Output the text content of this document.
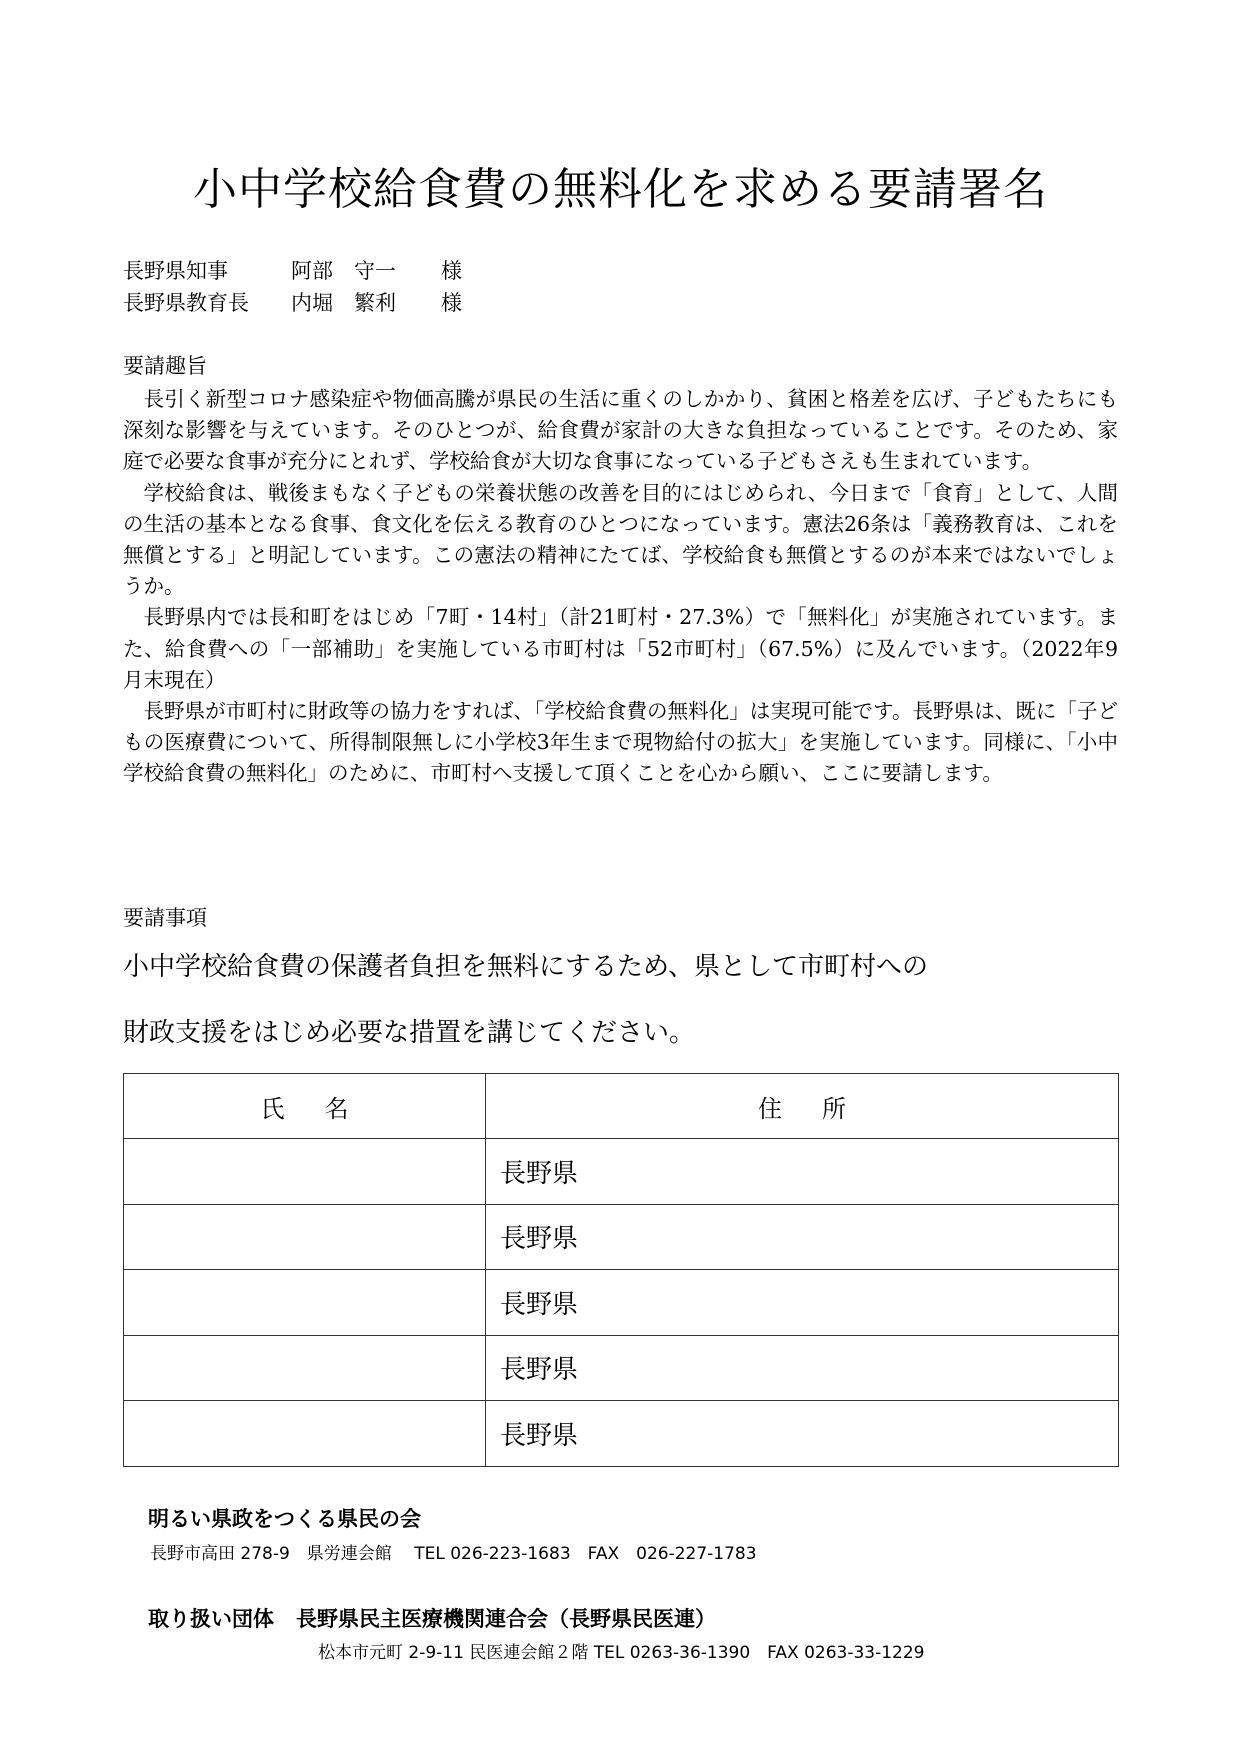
小中学校給食費の無料化を求める要請署名
長野県知事	阿部　守一	様
長野県教育長	内堀　繁利	様
要請趣旨

長引く新型コロナ感染症や物価高騰が県民の生活に重くのしかかり、貧困と格差を広げ、子どもたちにも深刻な影響を与えています。そのひとつが、給食費が家計の大きな負担なっていることです。そのため、家庭で必要な食事が充分にとれず、学校給食が大切な食事になっている子どもさえも生まれています。

学校給食は、戦後まもなく子どもの栄養状態の改善を目的にはじめられ、今日まで「食育」として、人間の生活の基本となる食事、食文化を伝える教育のひとつになっています。憲法26条は「義務教育は、これを無償とする」と明記しています。この憲法の精神にたてば、学校給食も無償とするのが本来ではないでしょうか。

長野県内では長和町をはじめ「7町・14村」（計21町村・27.3%）で「無料化」が実施されています。また、給食費への「一部補助」を実施している市町村は「52市町村」（67.5%）に及んでいます。（2022年9月末現在）

長野県が市町村に財政等の協力をすれば、「学校給食費の無料化」は実現可能です。長野県は、既に「子どもの医療費について、所得制限無しに小学校3年生まで現物給付の拡大」を実施しています。同様に、「小中学校給食費の無料化」のために、市町村へ支援して頂くことを心から願い、ここに要請します。

要請事項
小中学校給食費の保護者負担を無料にするため、県として市町村への
財政支援をはじめ必要な措置を講じてください。
氏名	住所
	長野県
	長野県
	長野県
	長野県
	長野県
明るい県政をつくる県民の会
長野市高田 278-9　県労連会館　 TEL 026-223-1683　FAX　026-227-1783
取り扱い団体 長野県民主医療機関連合会（長野県民医連）
松本市元町 2-9-11 民医連会館２階 TEL 0263-36-1390　FAX 0263-33-1229
